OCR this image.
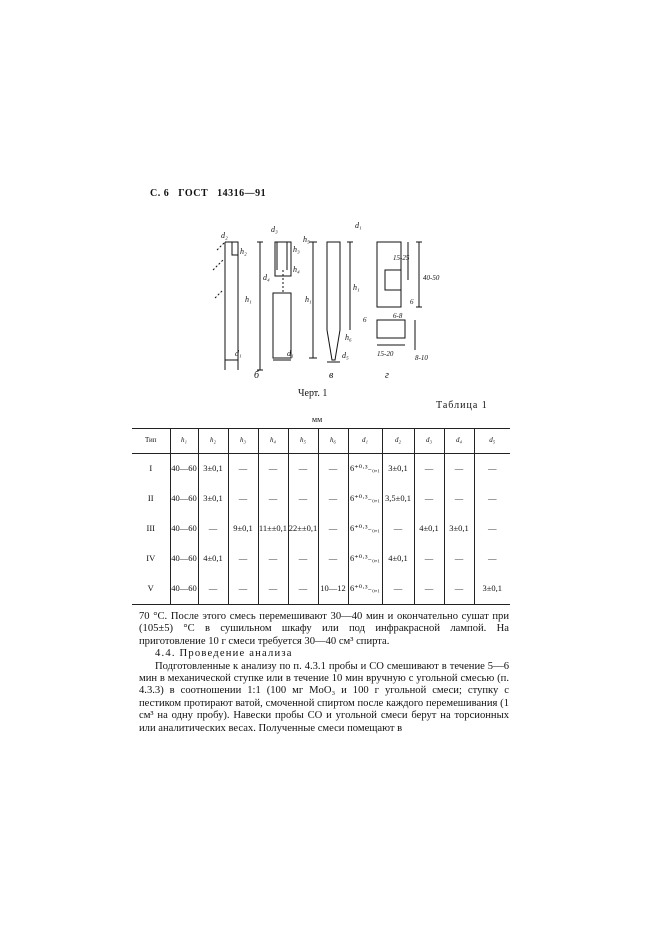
С. 6 ГОСТ 14316—91
d₂
d₃	d₁
h₂
h₁
h₃
h₅
h₄
d₄
h₁
h₁
h₆
d₁	d₁	d₅
15-25
40-50
6
6	6-8
15-20	8-10
б	в	г
Черт. 1
Таблица 1
мм
Тип	h₁	h₂	h₃	h₄	h₅	h₆	d₁	d₂	d₃	d₄	d₅
I	40—60	3±0,1	—	—	—	—	6⁺⁰·³₋₀,₁	3±0,1	—	—	—
II	40—60	3±0,1	—	—	—	—	6⁺⁰·³₋₀,₁	3,5±0,1	—	—	—
III	40—60	—	9±0,1	11±±0,1	22±±0,1	—	6⁺⁰·³₋₀,₁	—	4±0,1	3±0,1	—
IV	40—60	4±0,1	—	—	—	—	6⁺⁰·³₋₀,₁	4±0,1	—	—	—
V	40—60	—	—	—	—	10—12	6⁺⁰·³₋₀,₁	—	—	—	3±0,1

70 °С. После этого смесь перемешивают 30—40 мин и окончательно сушат при (105±5) °С в сушильном шкафу или под инфракрасной лампой. На приготовление 10 г смеси требуется 30—40 см³ спирта.

4.4. Проведение анализа

Подготовленные к анализу по п. 4.3.1 пробы и СО смешивают в течение 5—6 мин в механической ступке или в течение 10 мин вручную с угольной смесью (п. 4.3.3) в соотношении 1:1 (100 мг MoO₃ и 100 г угольной смеси; ступку с пестиком протирают ватой, смоченной спиртом после каждого перемешивания (1 см³ на одну пробу). Навески пробы СО и угольной смеси берут на торсионных или аналитических весах. Полученные смеси помещают в
